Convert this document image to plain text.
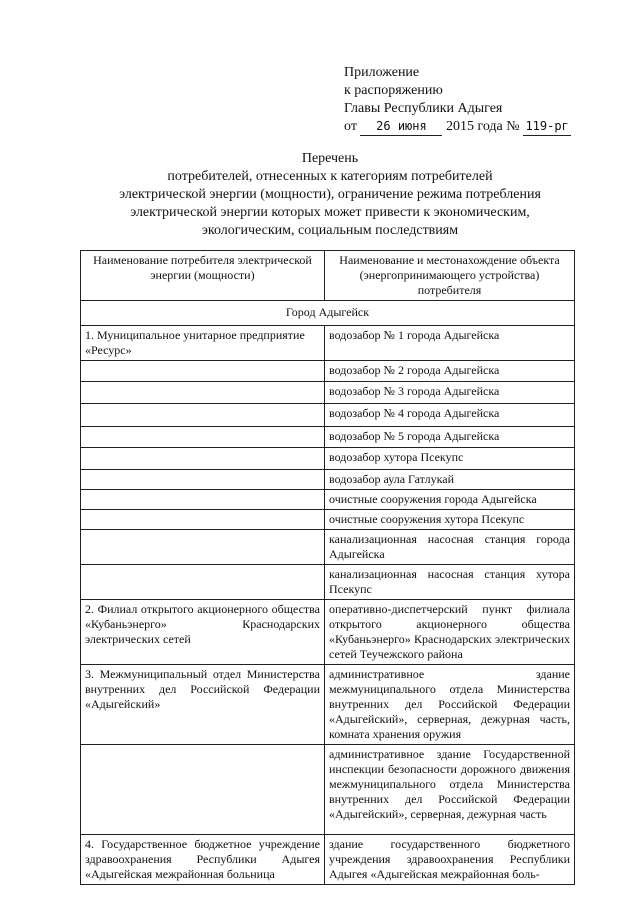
Приложение
к распоряжению
Главы Республики Адыгея
от 26 июня 2015 года № 119-рг
Перечень
потребителей, отнесенных к категориям потребителей
электрической энергии (мощности), ограничение режима потребления
электрической энергии которых может привести к экономическим,
экологическим, социальным последствиям
Наименование потребителя электрической энергии (мощности)	Наименование и местонахождение объекта (энергопринимающего устройства) потребителя
Город Адыгейск	
1. Муниципальное унитарное предприятие «Ресурс»	водозабор № 1 города Адыгейска
	водозабор № 2 города Адыгейска
	водозабор № 3 города Адыгейска
	водозабор № 4 города Адыгейска
	водозабор № 5 города Адыгейска
	водозабор хутора Псекупс
	водозабор аула Гатлукай
	очистные сооружения города Адыгейска
	очистные сооружения хутора Псекупс
	канализационная насосная станция города Адыгейска
	канализационная насосная станция хутора Псекупс
2. Филиал открытого акционерного общества «Кубаньэнерго» Краснодарских электрических сетей	оперативно-диспетчерский пункт филиала открытого акционерного общества «Кубаньэнерго» Краснодарских электрических сетей Теучежского района
3. Межмуниципальный отдел Министерства внутренних дел Российской Федерации «Адыгейский»	административное здание межмуниципального отдела Министерства внутренних дел Российской Федерации «Адыгейский», серверная, дежурная часть, комната хранения оружия
	административное здание Государственной инспекции безопасности дорожного движения межмуниципального отдела Министерства внутренних дел Российской Федерации «Адыгейский», серверная, дежурная часть
4. Государственное бюджетное учреждение здравоохранения Республики Адыгея «Адыгейская межрайонная больница	здание государственного бюджетного учреждения здравоохранения Республики Адыгея «Адыгейская межрайонная боль-
